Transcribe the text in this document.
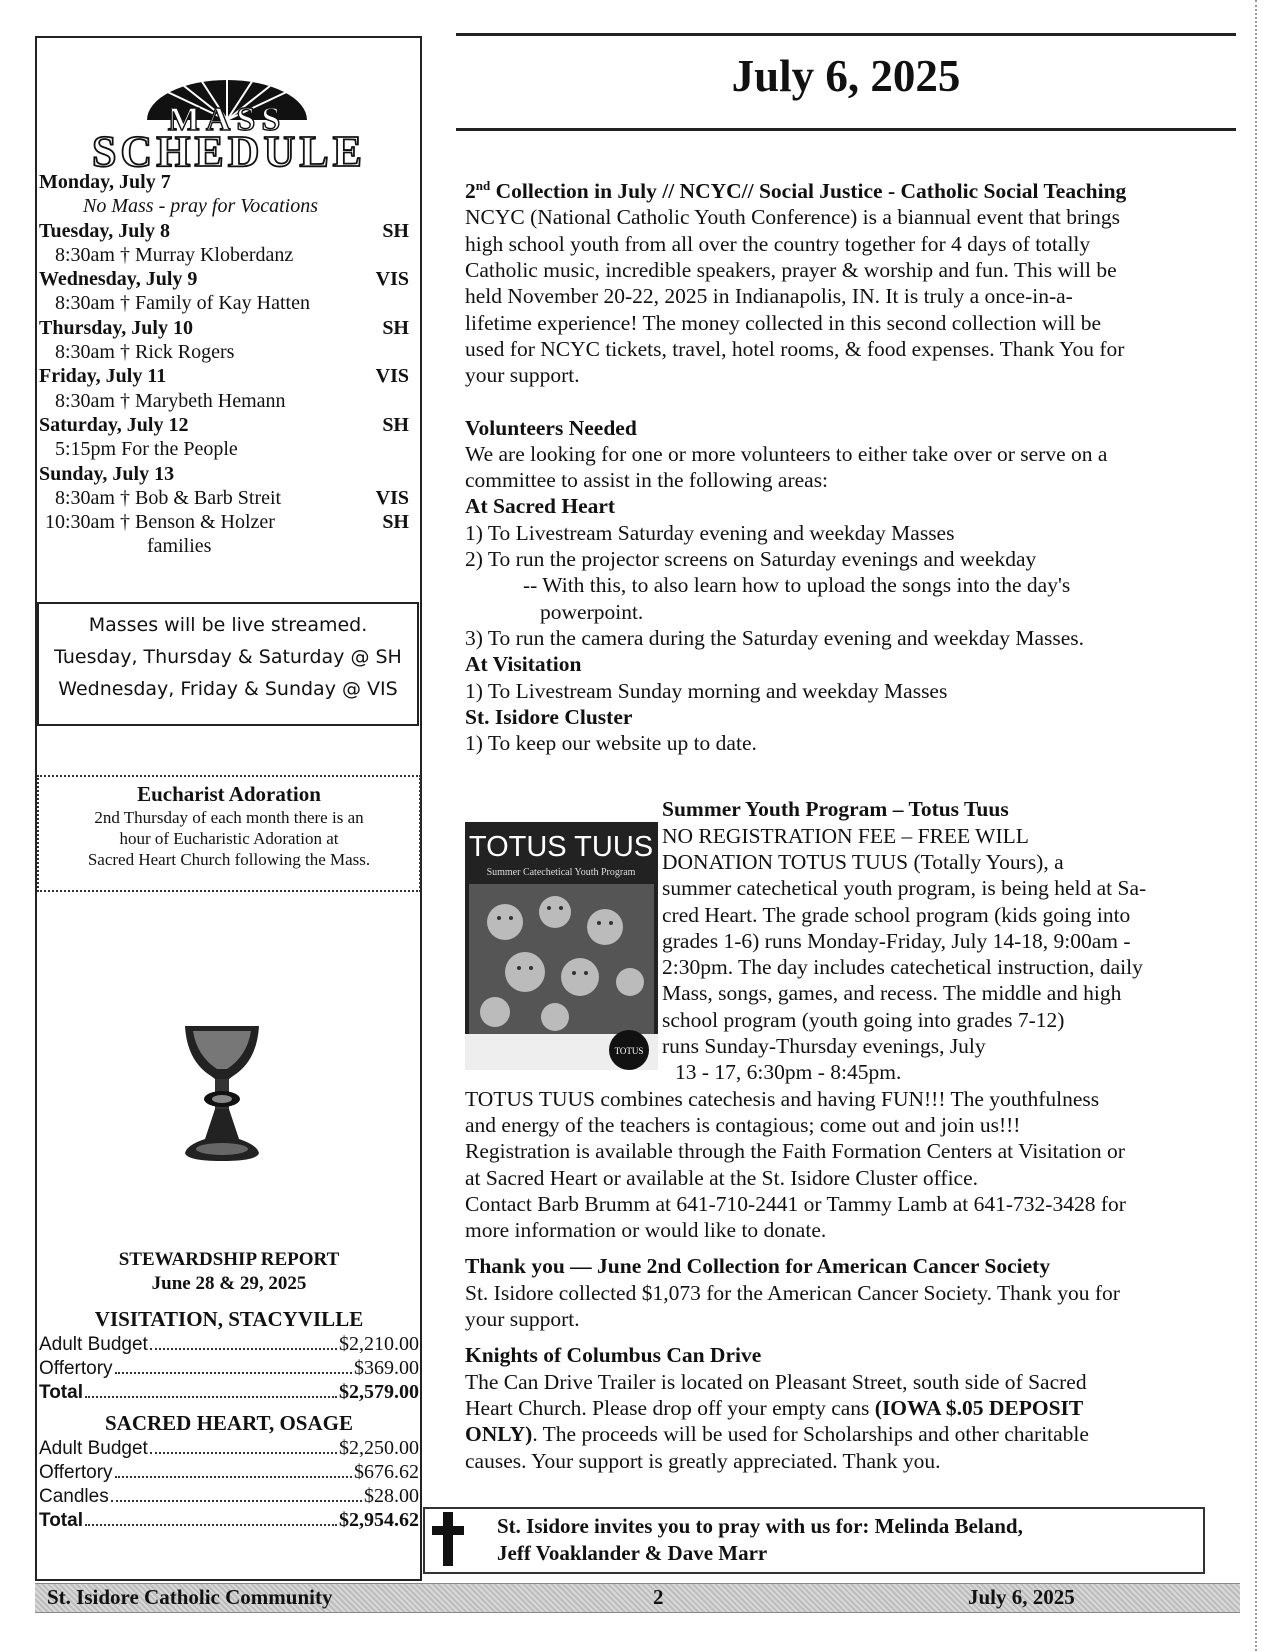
MASS
SCHEDULE
Monday, July 7
No Mass - pray for Vocations
Tuesday, July 8	SH
8:30am † Murray Kloberdanz
Wednesday, July 9	VIS
8:30am † Family of Kay Hatten
Thursday, July 10	SH
8:30am † Rick Rogers
Friday, July 11	VIS
8:30am † Marybeth Hemann
Saturday, July 12	SH
5:15pm For the People
Sunday, July 13
8:30am † Bob & Barb Streit	VIS
10:30am † Benson & Holzer	SH
families
Masses will be live streamed.
Tuesday, Thursday & Saturday @ SH
Wednesday, Friday & Sunday @ VIS
Eucharist Adoration
2nd Thursday of each month there is an
hour of Eucharistic Adoration at
Sacred Heart Church following the Mass.
STEWARDSHIP REPORT
June 28 & 29, 2025
VISITATION, STACYVILLE
Adult Budget	$2,210.00
Offertory	$369.00
Total	$2,579.00
SACRED HEART, OSAGE
Adult Budget	$2,250.00
Offertory	$676.62
Candles	$28.00
Total	$2,954.62
July 6, 2025
2nd Collection in July // NCYC// Social Justice - Catholic Social Teaching
NCYC (National Catholic Youth Conference) is a biannual event that brings
high school youth from all over the country together for 4 days of totally
Catholic music, incredible speakers, prayer & worship and fun. This will be
held November 20-22, 2025 in Indianapolis, IN. It is truly a once-in-a-
lifetime experience! The money collected in this second collection will be
used for NCYC tickets, travel, hotel rooms, & food expenses. Thank You for
your support.
Volunteers Needed
We are looking for one or more volunteers to either take over or serve on a
committee to assist in the following areas:
At Sacred Heart
1) To Livestream Saturday evening and weekday Masses
2) To run the projector screens on Saturday evenings and weekday
-- With this, to also learn how to upload the songs into the day's
powerpoint.
3) To run the camera during the Saturday evening and weekday Masses.
At Visitation
1) To Livestream Sunday morning and weekday Masses
St. Isidore Cluster
1) To keep our website up to date.
TOTUS TUUS
Summer Catechetical Youth Program
TOTUS
Summer Youth Program – Totus Tuus
NO REGISTRATION FEE – FREE WILL
DONATION TOTUS TUUS (Totally Yours), a
summer catechetical youth program, is being held at Sa-
cred Heart. The grade school program (kids going into
grades 1-6) runs Monday-Friday, July 14-18, 9:00am -
2:30pm. The day includes catechetical instruction, daily
Mass, songs, games, and recess. The middle and high
school program (youth going into grades 7-12)
runs Sunday-Thursday evenings, July
13 - 17, 6:30pm - 8:45pm.
TOTUS TUUS combines catechesis and having FUN!!! The youthfulness
and energy of the teachers is contagious; come out and join us!!!
Registration is available through the Faith Formation Centers at Visitation or
at Sacred Heart or available at the St. Isidore Cluster office.
Contact Barb Brumm at 641-710-2441 or Tammy Lamb at 641-732-3428 for
more information or would like to donate.
Thank you — June 2nd Collection for American Cancer Society
St. Isidore collected $1,073 for the American Cancer Society. Thank you for
your support.
Knights of Columbus Can Drive
The Can Drive Trailer is located on Pleasant Street, south side of Sacred
Heart Church. Please drop off your empty cans (IOWA $.05 DEPOSIT
ONLY). The proceeds will be used for Scholarships and other charitable
causes. Your support is greatly appreciated. Thank you.
St. Isidore invites you to pray with us for: Melinda Beland,
Jeff Voaklander & Dave Marr
St. Isidore Catholic Community	2	July 6, 2025
